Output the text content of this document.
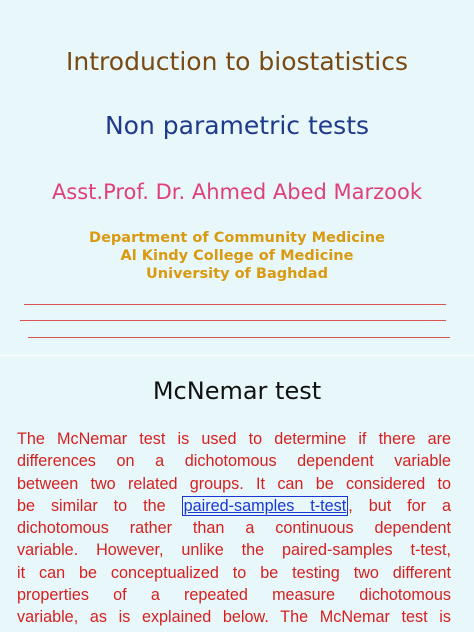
Introduction to biostatistics
Non parametric tests
Asst.Prof. Dr. Ahmed Abed Marzook
Department of Community Medicine
Al Kindy College of Medicine
University of Baghdad
McNemar test
The McNemar test is used to determine if there are
differences on a dichotomous dependent variable
between two related groups. It can be considered to
be similar to the paired-samples t-test , but for a
dichotomous rather than a continuous dependent
variable. However, unlike the paired-samples t-test,
it can be conceptualized to be testing two different
properties of a repeated measure dichotomous
variable, as is explained below. The McNemar test is
